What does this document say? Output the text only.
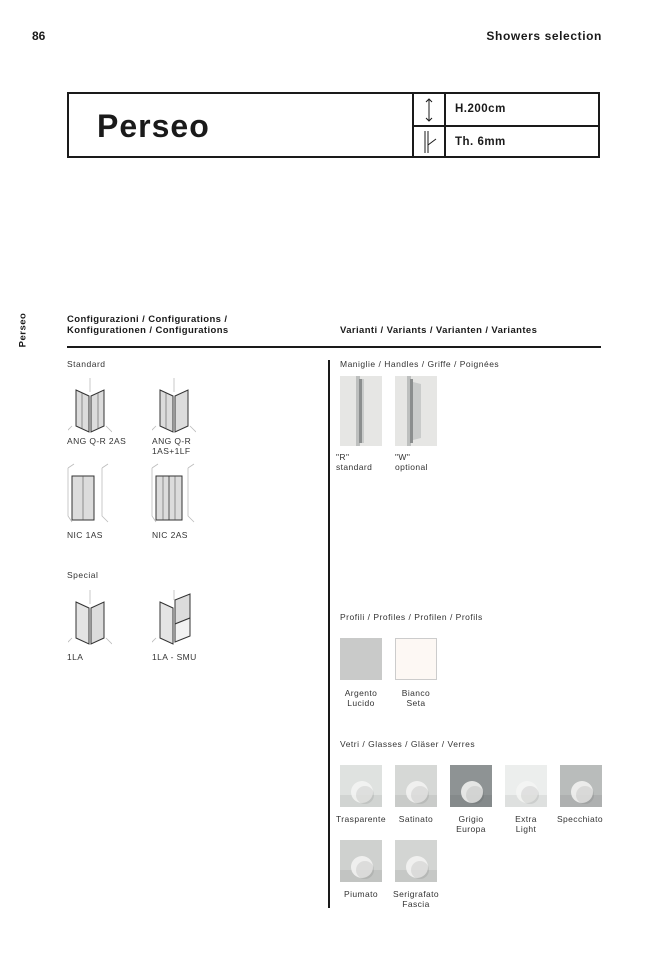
86	Showers selection
Perseo	H.200cm
Th. 6mm
Perseo	Configurazioni / Configurations /
Konfigurationen / Configurations	Varianti / Variants / Varianten / Variantes
Standard
ANG Q-R 2AS	ANG Q-R
1AS+1LF
NIC 1AS	NIC 2AS
Special
1LA	1LA - SMU
Maniglie / Handles / Griffe / Poignées
"R"
standard
"W"
optional
Profili / Profiles / Profilen / Profils
Argento
Lucido
Bianco
Seta
Vetri / Glasses / Gläser / Verres
Trasparente	Satinato	Grigio
Europa
Extra
Light
Specchiato
Piumato	Serigrafato
Fascia
